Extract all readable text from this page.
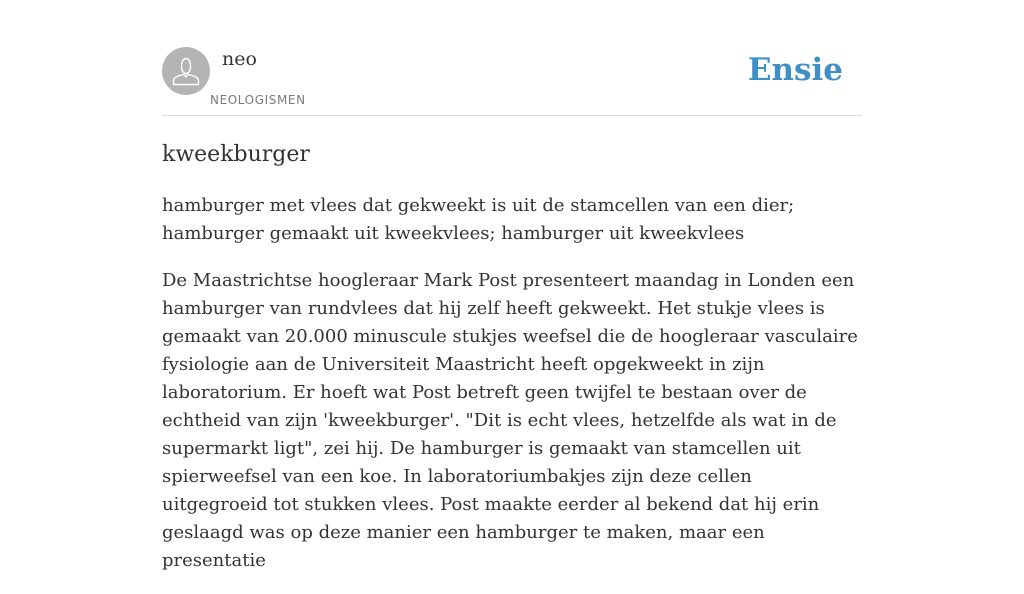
neo
NEOLOGISMEN
Ensie
kweekburger

hamburger met vlees dat gekweekt is uit de stamcellen van een dier; hamburger gemaakt uit kweekvlees; hamburger uit kweekvlees

De Maastrichtse hoogleraar Mark Post presenteert maandag in Londen een hamburger van rundvlees dat hij zelf heeft gekweekt. Het stukje vlees is gemaakt van 20.000 minuscule stukjes weefsel die de hoogleraar vasculaire fysiologie aan de Universiteit Maastricht heeft opgekweekt in zijn laboratorium. Er hoeft wat Post betreft geen twijfel te bestaan over de echtheid van zijn 'kweekburger'. "Dit is echt vlees, hetzelfde als wat in de supermarkt ligt", zei hij. De hamburger is gemaakt van stamcellen uit spierweefsel van een koe. In laboratoriumbakjes zijn deze cellen uitgegroeid tot stukken vlees. Post maakte eerder al bekend dat hij erin geslaagd was op deze manier een hamburger te maken, maar een presentatie
